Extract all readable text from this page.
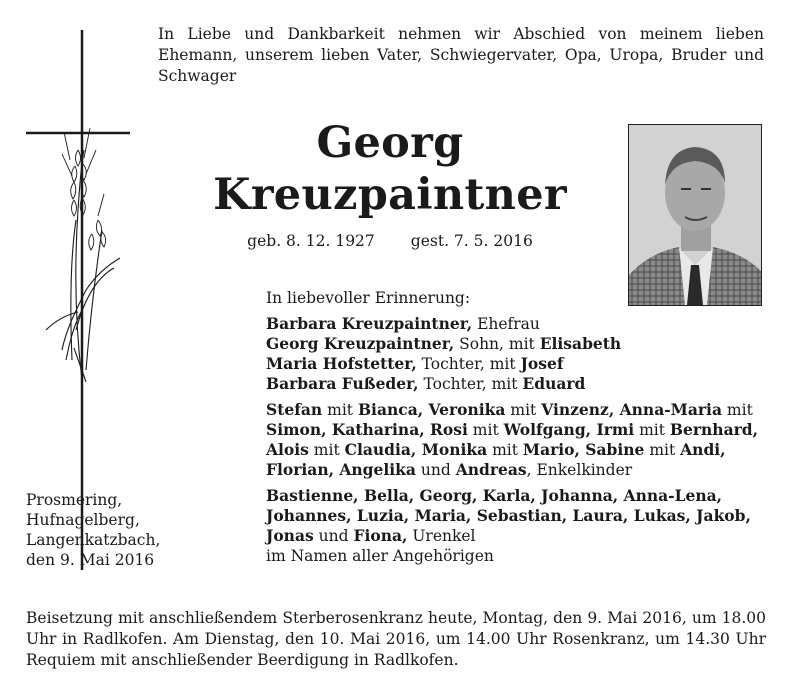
In Liebe und Dankbarkeit nehmen wir Abschied von meinem lieben Ehemann, unserem lieben Vater, Schwiegervater, Opa, Uropa, Bruder und Schwager

Georg
Kreuzpaintner
geb. 8. 12. 1927 gest. 7. 5. 2016

In liebevoller Erinnerung:

Barbara Kreuzpaintner, Ehefrau
Georg Kreuzpaintner, Sohn, mit Elisabeth
Maria Hofstetter, Tochter, mit Josef
Barbara Fußeder, Tochter, mit Eduard

Stefan mit Bianca, Veronika mit Vinzenz, Anna-Maria mit Simon, Katharina, Rosi mit Wolfgang, Irmi mit Bernhard, Alois mit Claudia, Monika mit Mario, Sabine mit Andi, Florian, Angelika und Andreas, Enkelkinder

Bastienne, Bella, Georg, Karla, Johanna, Anna-Lena, Johannes, Luzia, Maria, Sebastian, Laura, Lukas, Jakob, Jonas und Fiona, Urenkel

im Namen aller Angehörigen

Prosmering,
Hufnagelberg,
Langenkatzbach,
den 9. Mai 2016

Beisetzung mit anschließendem Sterberosenkranz heute, Montag, den 9. Mai 2016, um 18.00 Uhr in Radlkofen. Am Dienstag, den 10. Mai 2016, um 14.00 Uhr Rosenkranz, um 14.30 Uhr Requiem mit anschließender Beerdigung in Radlkofen.
